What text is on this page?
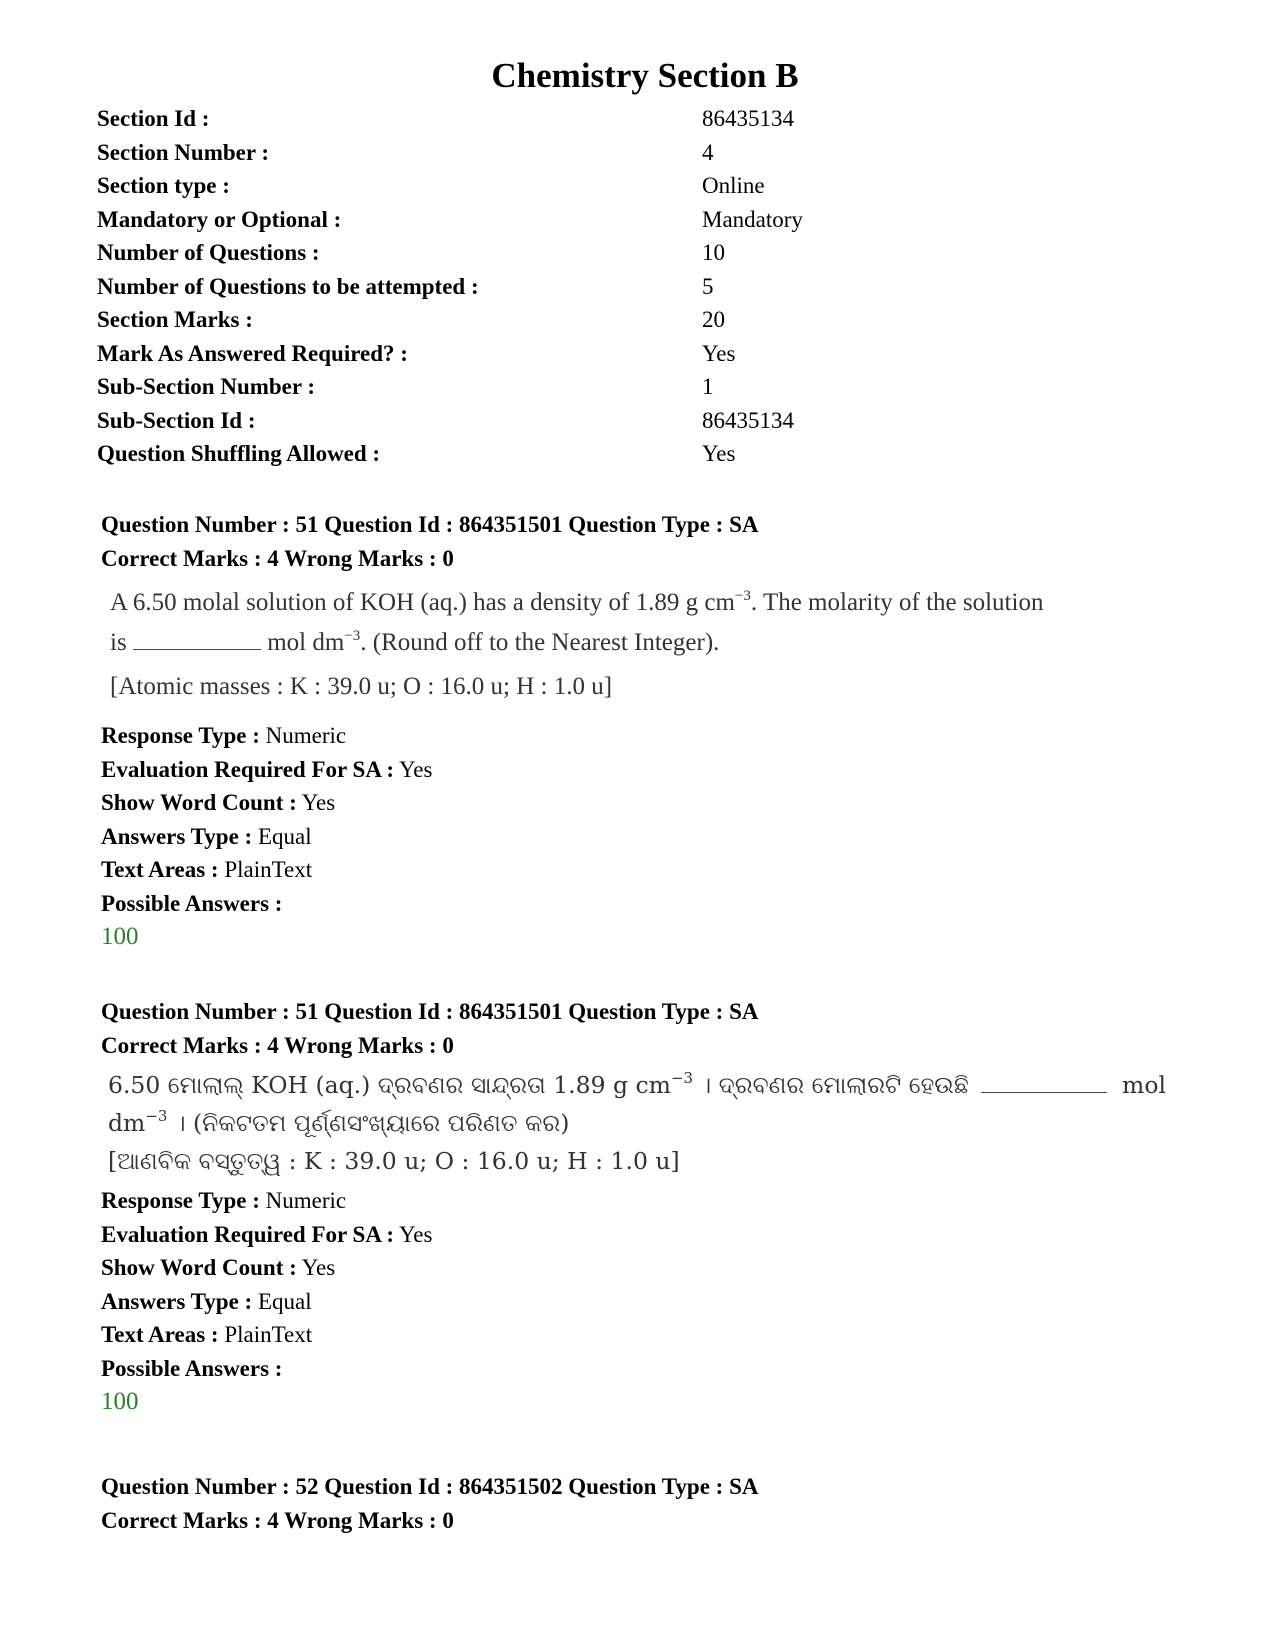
Chemistry Section B
Section Id :	86435134
Section Number :	4
Section type :	Online
Mandatory or Optional :	Mandatory
Number of Questions :	10
Number of Questions to be attempted :	5
Section Marks :	20
Mark As Answered Required? :	Yes
Sub-Section Number :	1
Sub-Section Id :	86435134
Question Shuffling Allowed :	Yes
Question Number : 51 Question Id : 864351501 Question Type : SA
Correct Marks : 4 Wrong Marks : 0
A 6.50 molal solution of KOH (aq.) has a density of 1.89 g $cm^{-3}$. The molarity of the solution
is	mol $dm^{-3}$. (Round off to the Nearest Integer).
[Atomic masses : K : 39.0 u; O : 16.0 u; H : 1.0 u]
Response Type : Numeric
Evaluation Required For SA : Yes
Show Word Count : Yes
Answers Type : Equal
Text Areas : PlainText
Possible Answers :
100
Question Number : 51 Question Id : 864351501 Question Type : SA
Correct Marks : 4 Wrong Marks : 0
6.50 ମୋଲାଲ୍ KOH (aq.) ଦ୍ରବଣର ସାନ୍ଦ୍ରତା 1.89 g $cm^{-3}$ । ଦ୍ରବଣର ମୋଲାରଟି ହେଉଛି	mol
$dm^{-3}$ । (ନିକଟତମ ପୂର୍ଣ୍ଣସଂଖ୍ୟାରେ ପରିଣତ କର)
[ଆଣବିକ ବସ୍ତୁତ୍ୱ : K : 39.0 u; O : 16.0 u; H : 1.0 u]
Response Type : Numeric
Evaluation Required For SA : Yes
Show Word Count : Yes
Answers Type : Equal
Text Areas : PlainText
Possible Answers :
100
Question Number : 52 Question Id : 864351502 Question Type : SA
Correct Marks : 4 Wrong Marks : 0
